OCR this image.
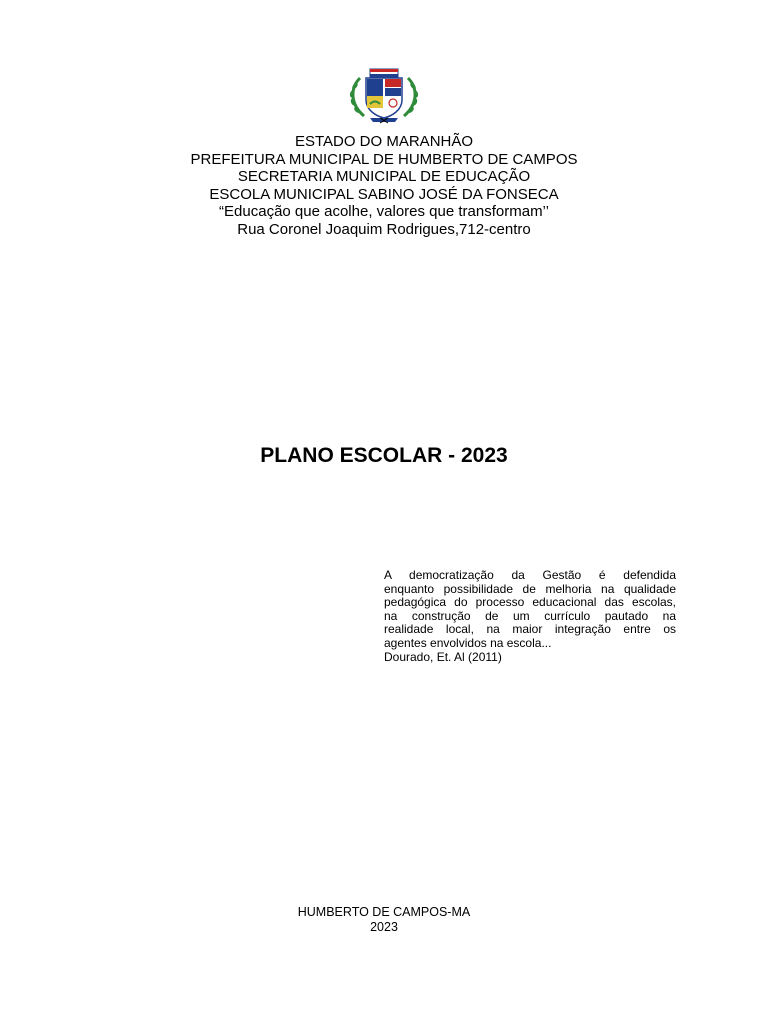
ESTADO DO MARANHÃO
PREFEITURA MUNICIPAL DE HUMBERTO DE CAMPOS
SECRETARIA MUNICIPAL DE EDUCAÇÃO
ESCOLA MUNICIPAL SABINO JOSÉ DA FONSECA
“Educação que acolhe, valores que transformam’’
Rua Coronel Joaquim Rodrigues,712-centro
PLANO ESCOLAR - 2023
A democratização da Gestão é defendida
enquanto possibilidade de melhoria na qualidade
pedagógica do processo educacional das escolas,
na construção de um currículo pautado na
realidade local, na maior integração entre os
agentes envolvidos na escola...
Dourado, Et. Al (2011)
HUMBERTO DE CAMPOS-MA
2023
